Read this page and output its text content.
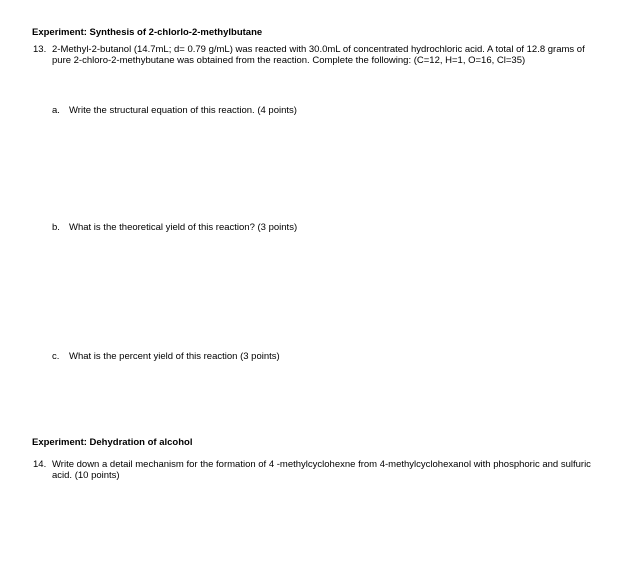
Experiment: Synthesis of 2-chlorlo-2-methylbutane
13. 2-Methyl-2-butanol (14.7mL; d= 0.79 g/mL) was reacted with 30.0mL of concentrated hydrochloric acid. A total of 12.8 grams of pure 2-chloro-2-methybutane was obtained from the reaction. Complete the following: (C=12, H=1, O=16, Cl=35)
a. Write the structural equation of this reaction. (4 points)
b. What is the theoretical yield of this reaction? (3 points)
c. What is the percent yield of this reaction (3 points)
Experiment: Dehydration of alcohol
14. Write down a detail mechanism for the formation of 4 -methylcyclohexne from 4-methylcyclohexanol with phosphoric and sulfuric acid. (10 points)
